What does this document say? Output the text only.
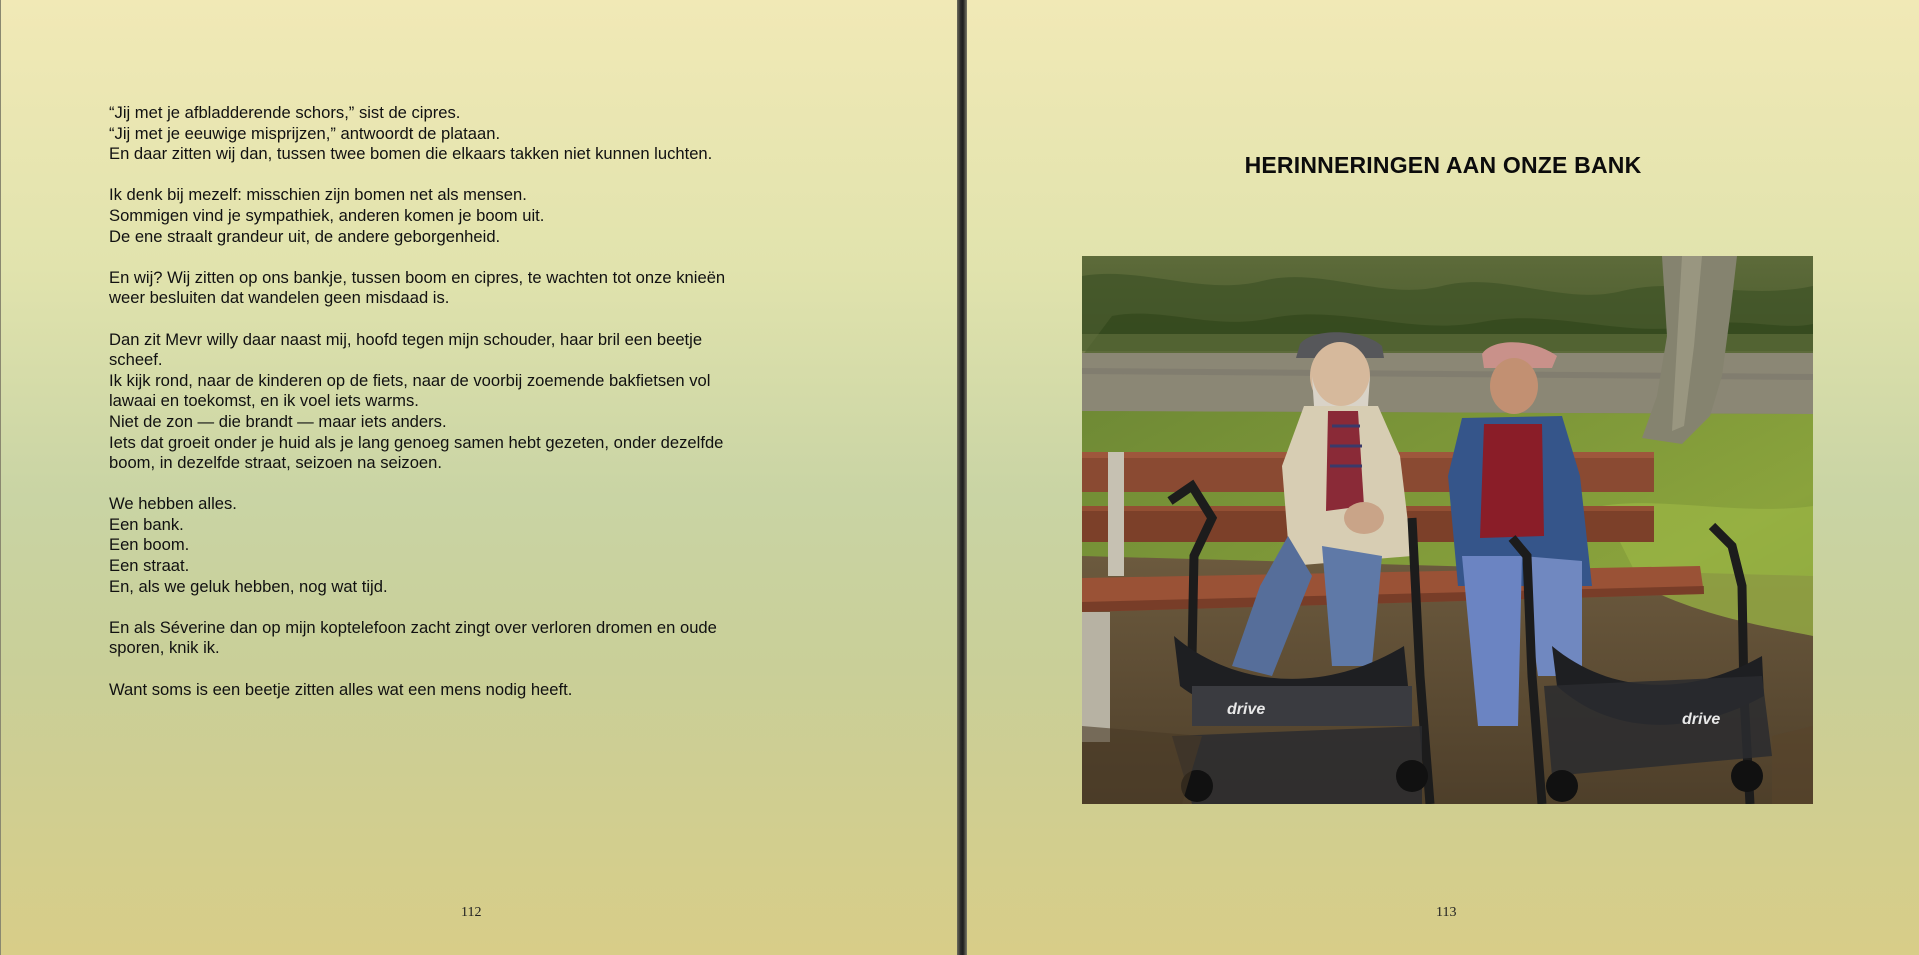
“Jij met je afbladderende schors,” sist de cipres.
“Jij met je eeuwige misprijzen,” antwoordt de plataan.
En daar zitten wij dan, tussen twee bomen die elkaars takken niet kunnen luchten.
Ik denk bij mezelf: misschien zijn bomen net als mensen.
Sommigen vind je sympathiek, anderen komen je boom uit.
De ene straalt grandeur uit, de andere geborgenheid.
En wij? Wij zitten op ons bankje, tussen boom en cipres, te wachten tot onze knieën
weer besluiten dat wandelen geen misdaad is.
Dan zit Mevr willy daar naast mij, hoofd tegen mijn schouder, haar bril een beetje
scheef.
Ik kijk rond, naar de kinderen op de fiets, naar de voorbij zoemende bakfietsen vol
lawaai en toekomst, en ik voel iets warms.
Niet de zon — die brandt — maar iets anders.
Iets dat groeit onder je huid als je lang genoeg samen hebt gezeten, onder dezelfde
boom, in dezelfde straat, seizoen na seizoen.
We hebben alles.
Een bank.
Een boom.
Een straat.
En, als we geluk hebben, nog wat tijd.
En als Séverine dan op mijn koptelefoon zacht zingt over verloren dromen en oude
sporen, knik ik.
Want soms is een beetje zitten alles wat een mens nodig heeft.
112
HERINNERINGEN AAN ONZE BANK
drive
drive
113
